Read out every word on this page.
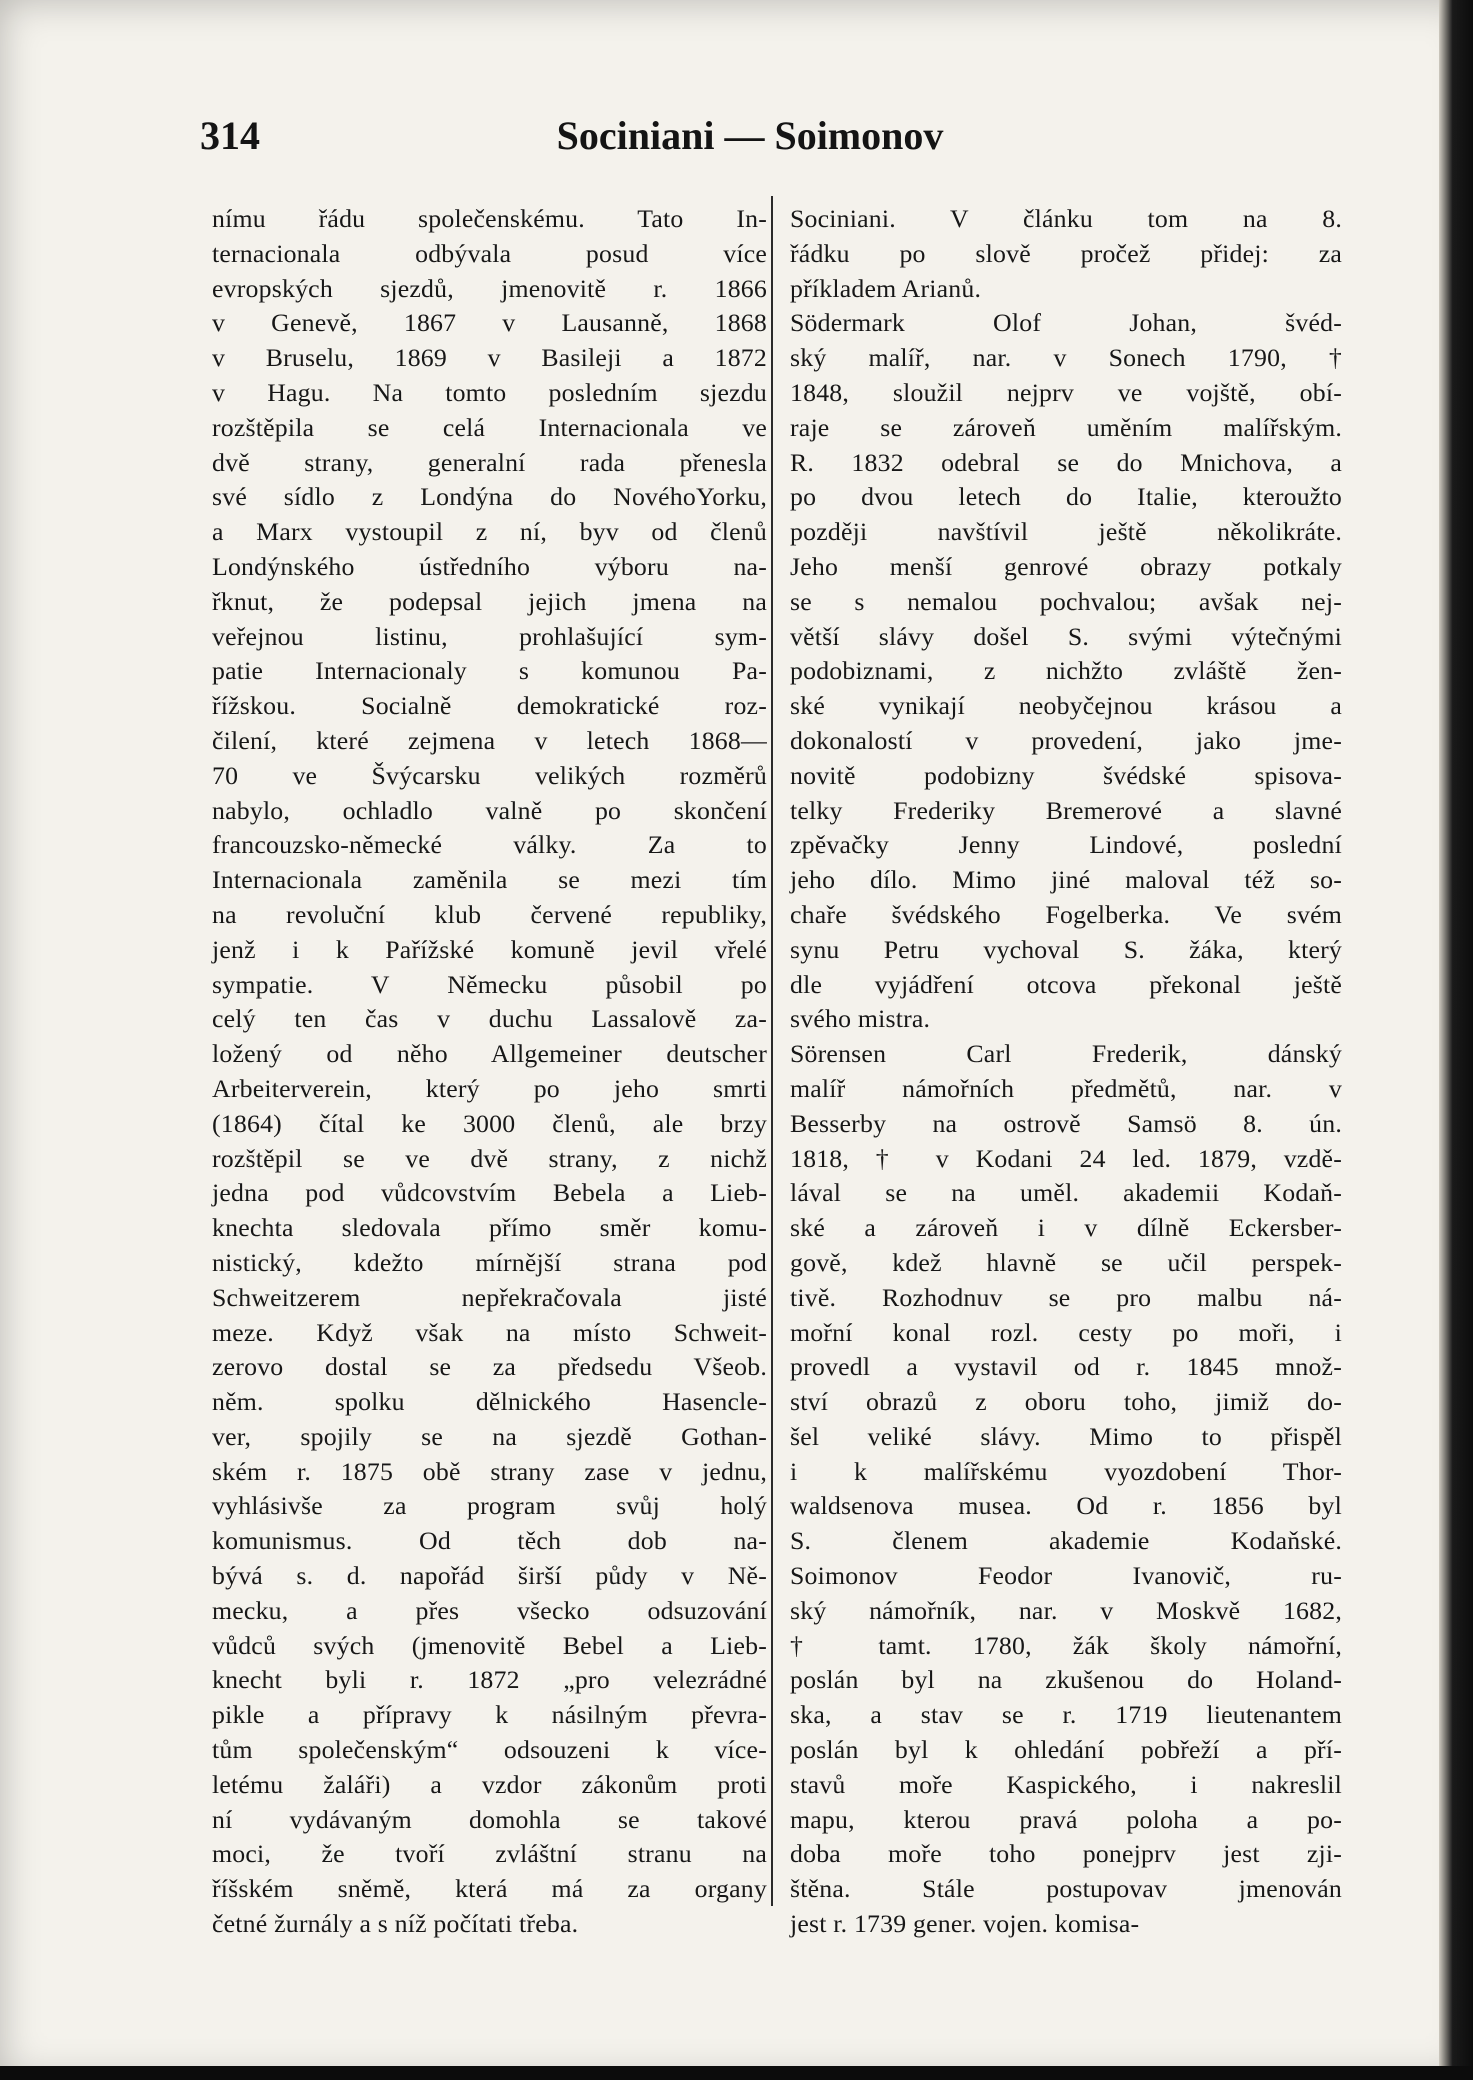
314	Sociniani — Soimonov
nímu řádu společenskému. Tato In-
ternacionala odbývala posud více
evropských sjezdů, jmenovitě r. 1866
v Genevě, 1867 v Lausanně, 1868
v Bruselu, 1869 v Basileji a 1872
v Hagu. Na tomto posledním sjezdu
rozštěpila se celá Internacionala ve
dvě strany, generalní rada přenesla
své sídlo z Londýna do NovéhoYorku,
a Marx vystoupil z ní, byv od členů
Londýnského ústředního výboru na-
řknut, že podepsal jejich jmena na
veřejnou listinu, prohlašující sym-
patie Internacionaly s komunou Pa-
řížskou. Socialně demokratické roz-
čilení, které zejmena v letech 1868—
70 ve Švýcarsku velikých rozměrů
nabylo, ochladlo valně po skončení
francouzsko-německé války. Za to
Internacionala zaměnila se mezi tím
na revoluční klub červené republiky,
jenž i k Pařížské komuně jevil vřelé
sympatie. V Německu působil po
celý ten čas v duchu Lassalově za-
ložený od něho Allgemeiner deutscher
Arbeiterverein, který po jeho smrti
(1864) čítal ke 3000 členů, ale brzy
rozštěpil se ve dvě strany, z nichž
jedna pod vůdcovstvím Bebela a Lieb-
knechta sledovala přímo směr komu-
nistický, kdežto mírnější strana pod
Schweitzerem nepřekračovala jisté
meze. Když však na místo Schweit-
zerovo dostal se za předsedu Všeob.
něm. spolku dělnického Hasencle-
ver, spojily se na sjezdě Gothan-
ském r. 1875 obě strany zase v jednu,
vyhlásivše za program svůj holý
komunismus. Od těch dob na-
bývá s. d. napořád širší půdy v Ně-
mecku, a přes všecko odsuzování
vůdců svých (jmenovitě Bebel a Lieb-
knecht byli r. 1872 „pro velezrádné
pikle a přípravy k násilným převra-
tům společenským“ odsouzeni k více-
letému žaláři) a vzdor zákonům proti
ní vydávaným domohla se takové
moci, že tvoří zvláštní stranu na
říšském sněmě, která má za organy
četné žurnály a s níž počítati třeba.
Sociniani. V článku tom na 8.
řádku po slově pročež přidej: za
příkladem Arianů.
Södermark Olof Johan, švéd-
ský malíř, nar. v Sonech 1790, †
1848, sloužil nejprv ve vojště, obí-
raje se zároveň uměním malířským.
R. 1832 odebral se do Mnichova, a
po dvou letech do Italie, kteroužto
později navštívil ještě několikráte.
Jeho menší genrové obrazy potkaly
se s nemalou pochvalou; avšak nej-
větší slávy došel S. svými výtečnými
podobiznami, z nichžto zvláště žen-
ské vynikají neobyčejnou krásou a
dokonalostí v provedení, jako jme-
novitě podobizny švédské spisova-
telky Frederiky Bremerové a slavné
zpěvačky Jenny Lindové, poslední
jeho dílo. Mimo jiné maloval též so-
chaře švédského Fogelberka. Ve svém
synu Petru vychoval S. žáka, který
dle vyjádření otcova překonal ještě
svého mistra.
Sörensen Carl Frederik, dánský
malíř námořních předmětů, nar. v
Besserby na ostrově Samsö 8. ún.
1818, † v Kodani 24 led. 1879, vzdě-
lával se na uměl. akademii Kodaň-
ské a zároveň i v dílně Eckersber-
gově, kdež hlavně se učil perspek-
tivě. Rozhodnuv se pro malbu ná-
mořní konal rozl. cesty po moři, i
provedl a vystavil od r. 1845 množ-
ství obrazů z oboru toho, jimiž do-
šel veliké slávy. Mimo to přispěl
i k malířskému vyozdobení Thor-
waldsenova musea. Od r. 1856 byl
S. členem akademie Kodaňské.
Soimonov Feodor Ivanovič, ru-
ský námořník, nar. v Moskvě 1682,
† tamt. 1780, žák školy námořní,
poslán byl na zkušenou do Holand-
ska, a stav se r. 1719 lieutenantem
poslán byl k ohledání pobřeží a pří-
stavů moře Kaspického, i nakreslil
mapu, kterou pravá poloha a po-
doba moře toho ponejprv jest zji-
štěna. Stále postupovav jmenován
jest r. 1739 gener. vojen. komisa-
